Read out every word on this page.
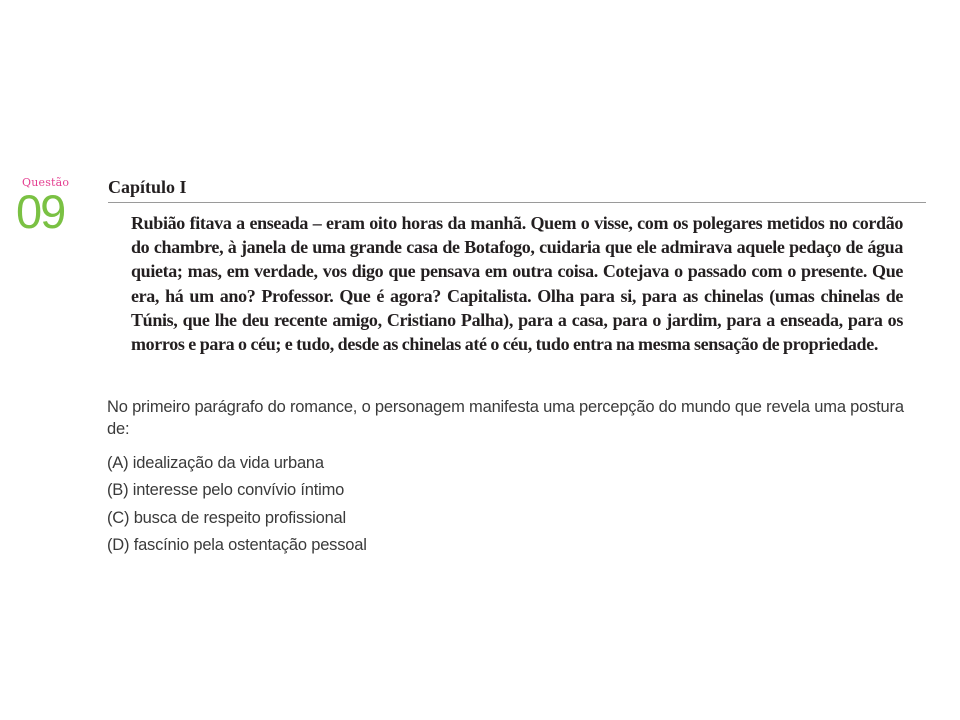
Questão
09 Capítulo I

Rubião fitava a enseada – eram oito horas da manhã. Quem o visse, com os polegares metidos no cordão do chambre, à janela de uma grande casa de Botafogo, cuidaria que ele admirava aquele pedaço de água quieta; mas, em verdade, vos digo que pensava em outra coisa. Cotejava o passado com o presente. Que era, há um ano? Professor. Que é agora? Capitalista. Olha para si, para as chinelas (umas chinelas de Túnis, que lhe deu recente amigo, Cristiano Palha), para a casa, para o jardim, para a enseada, para os morros e para o céu; e tudo, desde as chinelas até o céu, tudo entra na mesma sensação de propriedade.

No primeiro parágrafo do romance, o personagem manifesta uma percepção do mundo que revela uma postura de:

(A) idealização da vida urbana
(B) interesse pelo convívio íntimo
(C) busca de respeito profissional
(D) fascínio pela ostentação pessoal
